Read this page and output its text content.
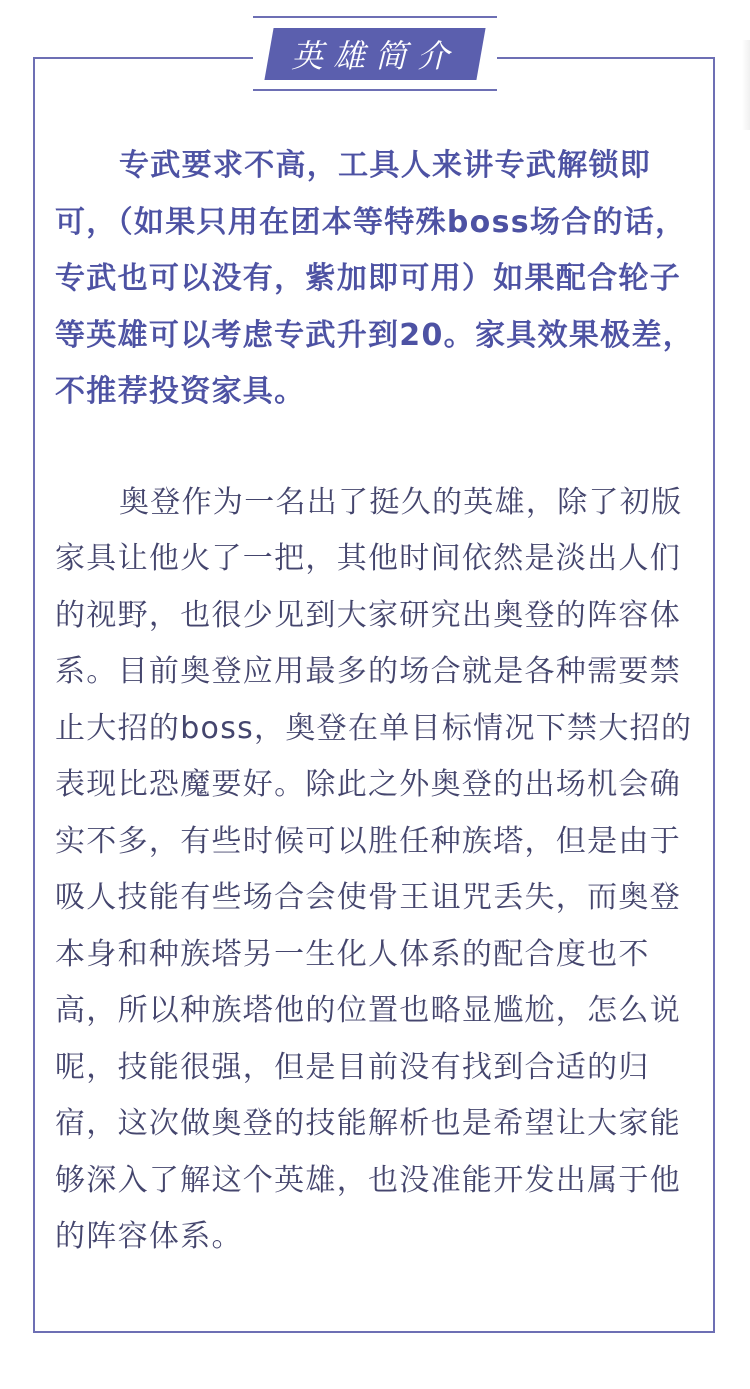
英雄简介

专武要求不高，工具人来讲专武解锁即可，（如果只用在团本等特殊boss场合的话，专武也可以没有，紫加即可用）如果配合轮子等英雄可以考虑专武升到20。家具效果极差，不推荐投资家具。

奥登作为一名出了挺久的英雄，除了初版家具让他火了一把，其他时间依然是淡出人们的视野，也很少见到大家研究出奥登的阵容体系。目前奥登应用最多的场合就是各种需要禁止大招的boss，奥登在单目标情况下禁大招的表现比恐魔要好。除此之外奥登的出场机会确实不多，有些时候可以胜任种族塔，但是由于吸人技能有些场合会使骨王诅咒丢失，而奥登本身和种族塔另一生化人体系的配合度也不高，所以种族塔他的位置也略显尴尬，怎么说呢，技能很强，但是目前没有找到合适的归宿，这次做奥登的技能解析也是希望让大家能够深入了解这个英雄，也没准能开发出属于他的阵容体系。
